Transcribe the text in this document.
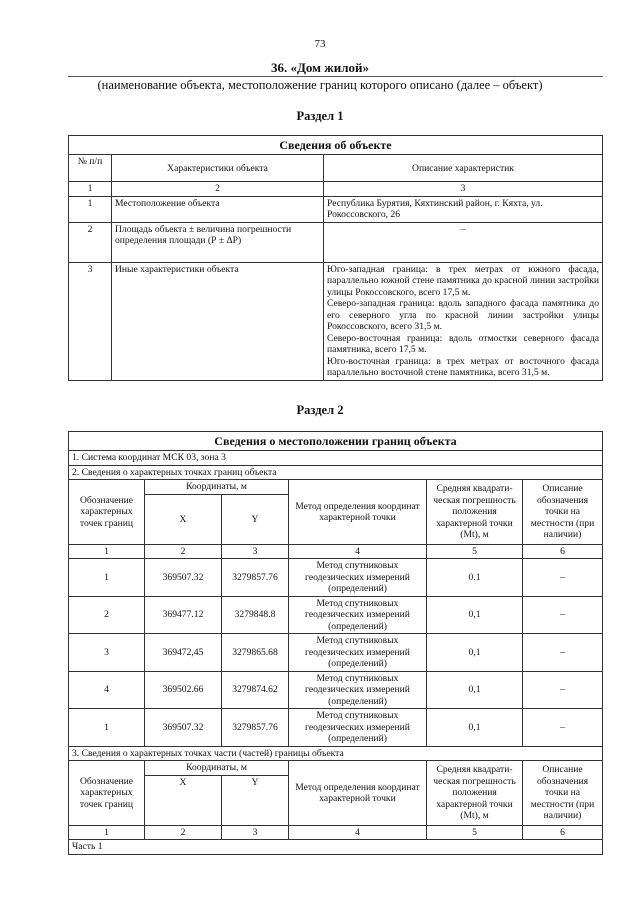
73
36. «Дом жилой»
(наименование объекта, местоположение границ которого описано (далее – объект)
Раздел 1
Сведения об объекте		
№ п/п	Характеристики объекта	Описание характеристик
1	2	3
1	Местоположение объекта	Республика Бурятия, Кяхтинский район, г. Кяхта, ул. Рокоссовского, 26
2	Площадь объекта ± величина погрешности определения площади (Р ± ΔР)	–
3	Иные характеристики объекта	Юго-западная граница: в трех метрах от южного фасада, параллельно южной стене памятника до красной линии застройки улицы Рокоссовского, всего 17,5 м.
Северо-западная граница: вдоль западного фасада памятника до его северного угла по красной линии застройки улицы Рокоссовского, всего 31,5 м.
Северо-восточная граница: вдоль отмостки северного фасада памятника, всего 17,5 м.
Юго-восточная граница: в трех метрах от восточного фасада параллельно восточной стене памятника, всего 31,5 м.
Раздел 2
Сведения о местоположении границ объекта					
1. Система координат МСК 03, зона 3					
2. Сведения о характерных точках границ объекта					
Обозначение характерных точек границ	Координаты, м		Метод определения координат характерной точки	Средняя квадрати-ческая погрешность положения характерной точки (Mt), м	Описание обозначения точки на местности (при наличии)
	X	Y			
1	2	3	4	5	6
1	369507.32	3279857.76	Метод спутниковых геодезических измерений (определений)	0.1	–
2	369477.12	3279848.8	Метод спутниковых геодезических измерений (определений)	0,1	–
3	369472,45	3279865.68	Метод спутниковых геодезических измерений (определений)	0,1	–
4	369502.66	3279874.62	Метод спутниковых геодезических измерений (определений)	0,1	–
1	369507.32	3279857.76	Метод спутниковых геодезических измерений (определений)	0,1	–
3. Сведения о характерных точках части (частей) границы объекта					
Обозначение характерных точек границ	Координаты, м		Метод определения координат характерной точки	Средняя квадрати-ческая погрешность положения характерной точки (Mt), м	Описание обозначения точки на местности (при наличии)
	X	Y			
1	2	3	4	5	6
Часть 1					
